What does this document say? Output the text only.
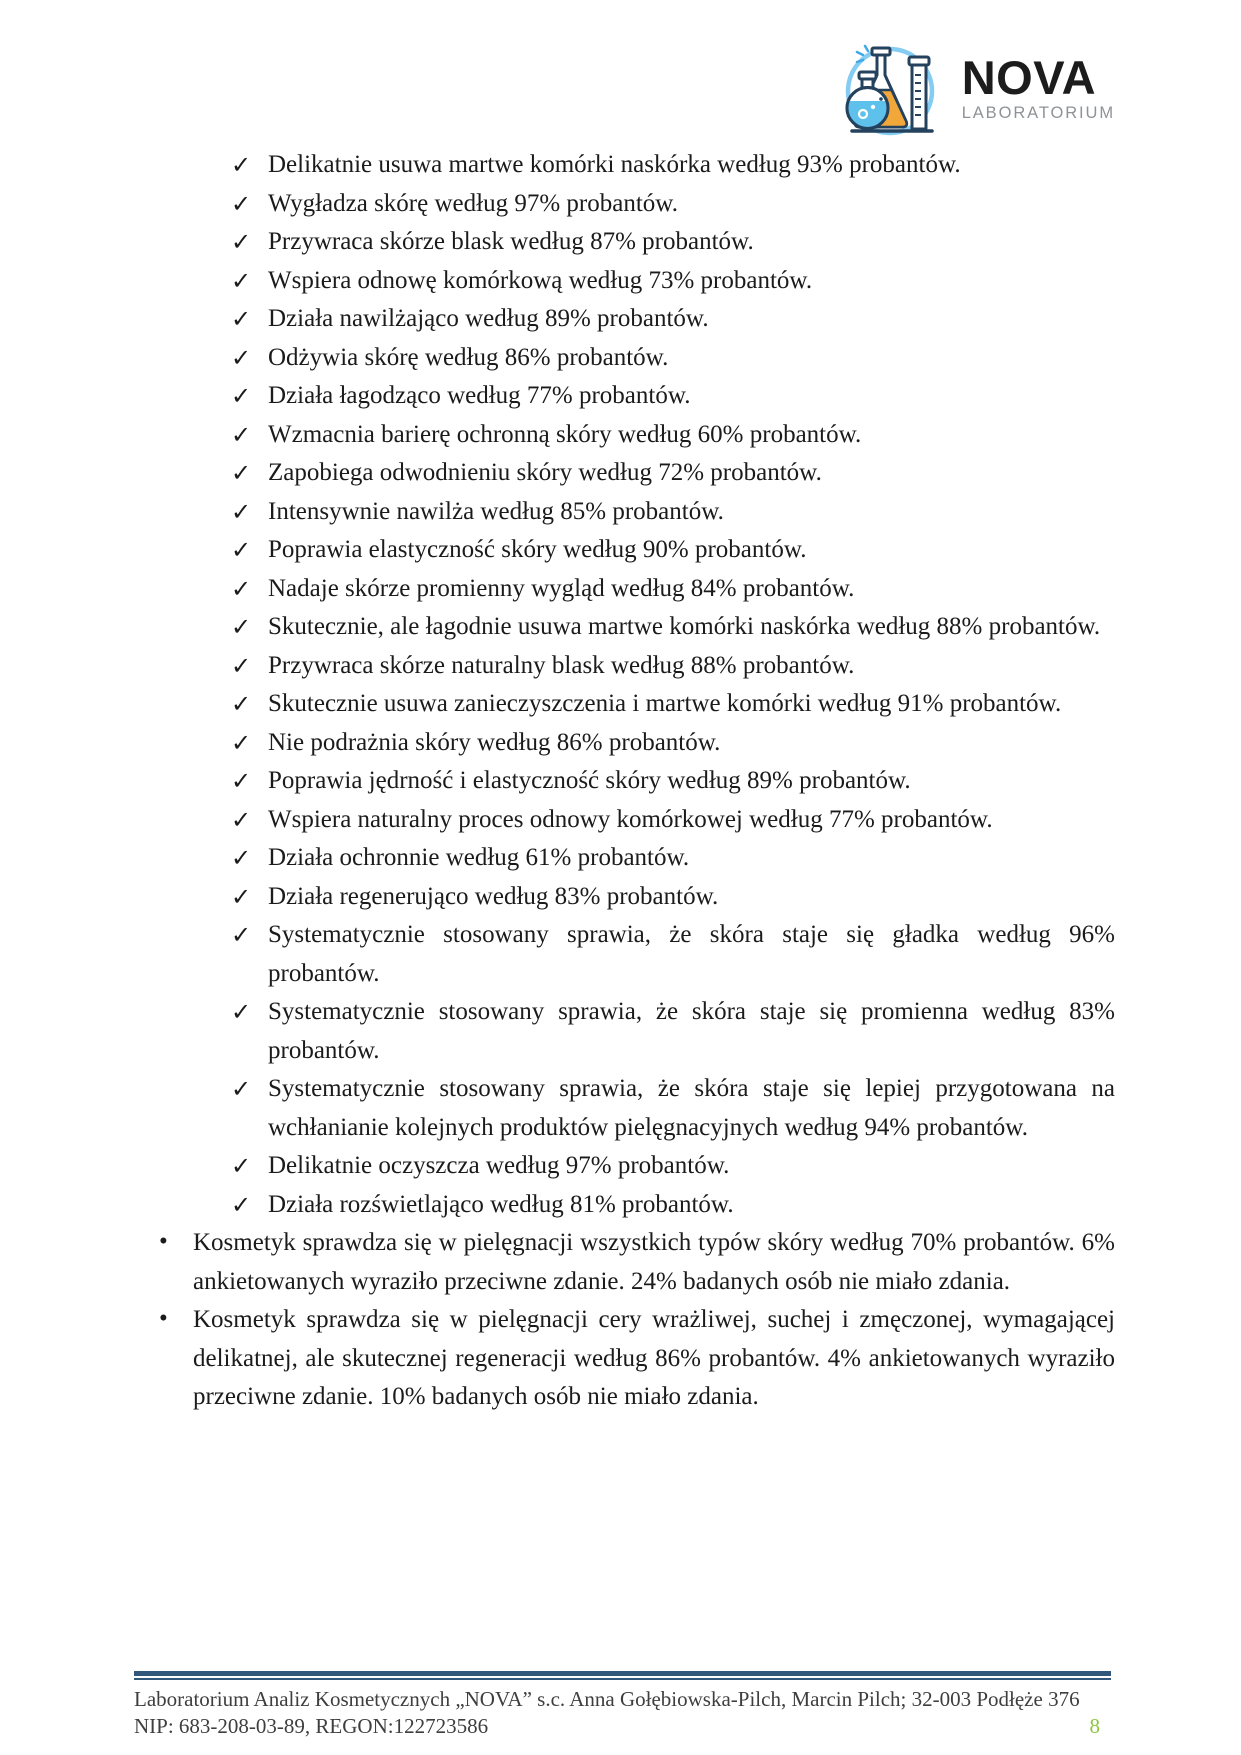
NOVA
LABORATORIUM
✓ Delikatnie usuwa martwe komórki naskórka według 93% probantów.
✓ Wygładza skórę według 97% probantów.
✓ Przywraca skórze blask według 87% probantów.
✓ Wspiera odnowę komórkową według 73% probantów.
✓ Działa nawilżająco według 89% probantów.
✓ Odżywia skórę według 86% probantów.
✓ Działa łagodząco według 77% probantów.
✓ Wzmacnia barierę ochronną skóry według 60% probantów.
✓ Zapobiega odwodnieniu skóry według 72% probantów.
✓ Intensywnie nawilża według 85% probantów.
✓ Poprawia elastyczność skóry według 90% probantów.
✓ Nadaje skórze promienny wygląd według 84% probantów.
✓ Skutecznie, ale łagodnie usuwa martwe komórki naskórka według 88% probantów.
✓ Przywraca skórze naturalny blask według 88% probantów.
✓ Skutecznie usuwa zanieczyszczenia i martwe komórki według 91% probantów.
✓ Nie podrażnia skóry według 86% probantów.
✓ Poprawia jędrność i elastyczność skóry według 89% probantów.
✓ Wspiera naturalny proces odnowy komórkowej według 77% probantów.
✓ Działa ochronnie według 61% probantów.
✓ Działa regenerująco według 83% probantów.
✓ Systematycznie stosowany sprawia, że skóra staje się gładka według 96% probantów.
✓ Systematycznie stosowany sprawia, że skóra staje się promienna według 83% probantów.
✓ Systematycznie stosowany sprawia, że skóra staje się lepiej przygotowana na wchłanianie kolejnych produktów pielęgnacyjnych według 94% probantów.
✓ Delikatnie oczyszcza według 97% probantów.
✓ Działa rozświetlająco według 81% probantów.
• Kosmetyk sprawdza się w pielęgnacji wszystkich typów skóry według 70% probantów. 6% ankietowanych wyraziło przeciwne zdanie. 24% badanych osób nie miało zdania.
• Kosmetyk sprawdza się w pielęgnacji cery wrażliwej, suchej i zmęczonej, wymagającej delikatnej, ale skutecznej regeneracji według 86% probantów. 4% ankietowanych wyraziło przeciwne zdanie. 10% badanych osób nie miało zdania.
Laboratorium Analiz Kosmetycznych „NOVA” s.c. Anna Gołębiowska-Pilch, Marcin Pilch; 32-003 Podłęże 376
NIP: 683-208-03-89, REGON:122723586	8
